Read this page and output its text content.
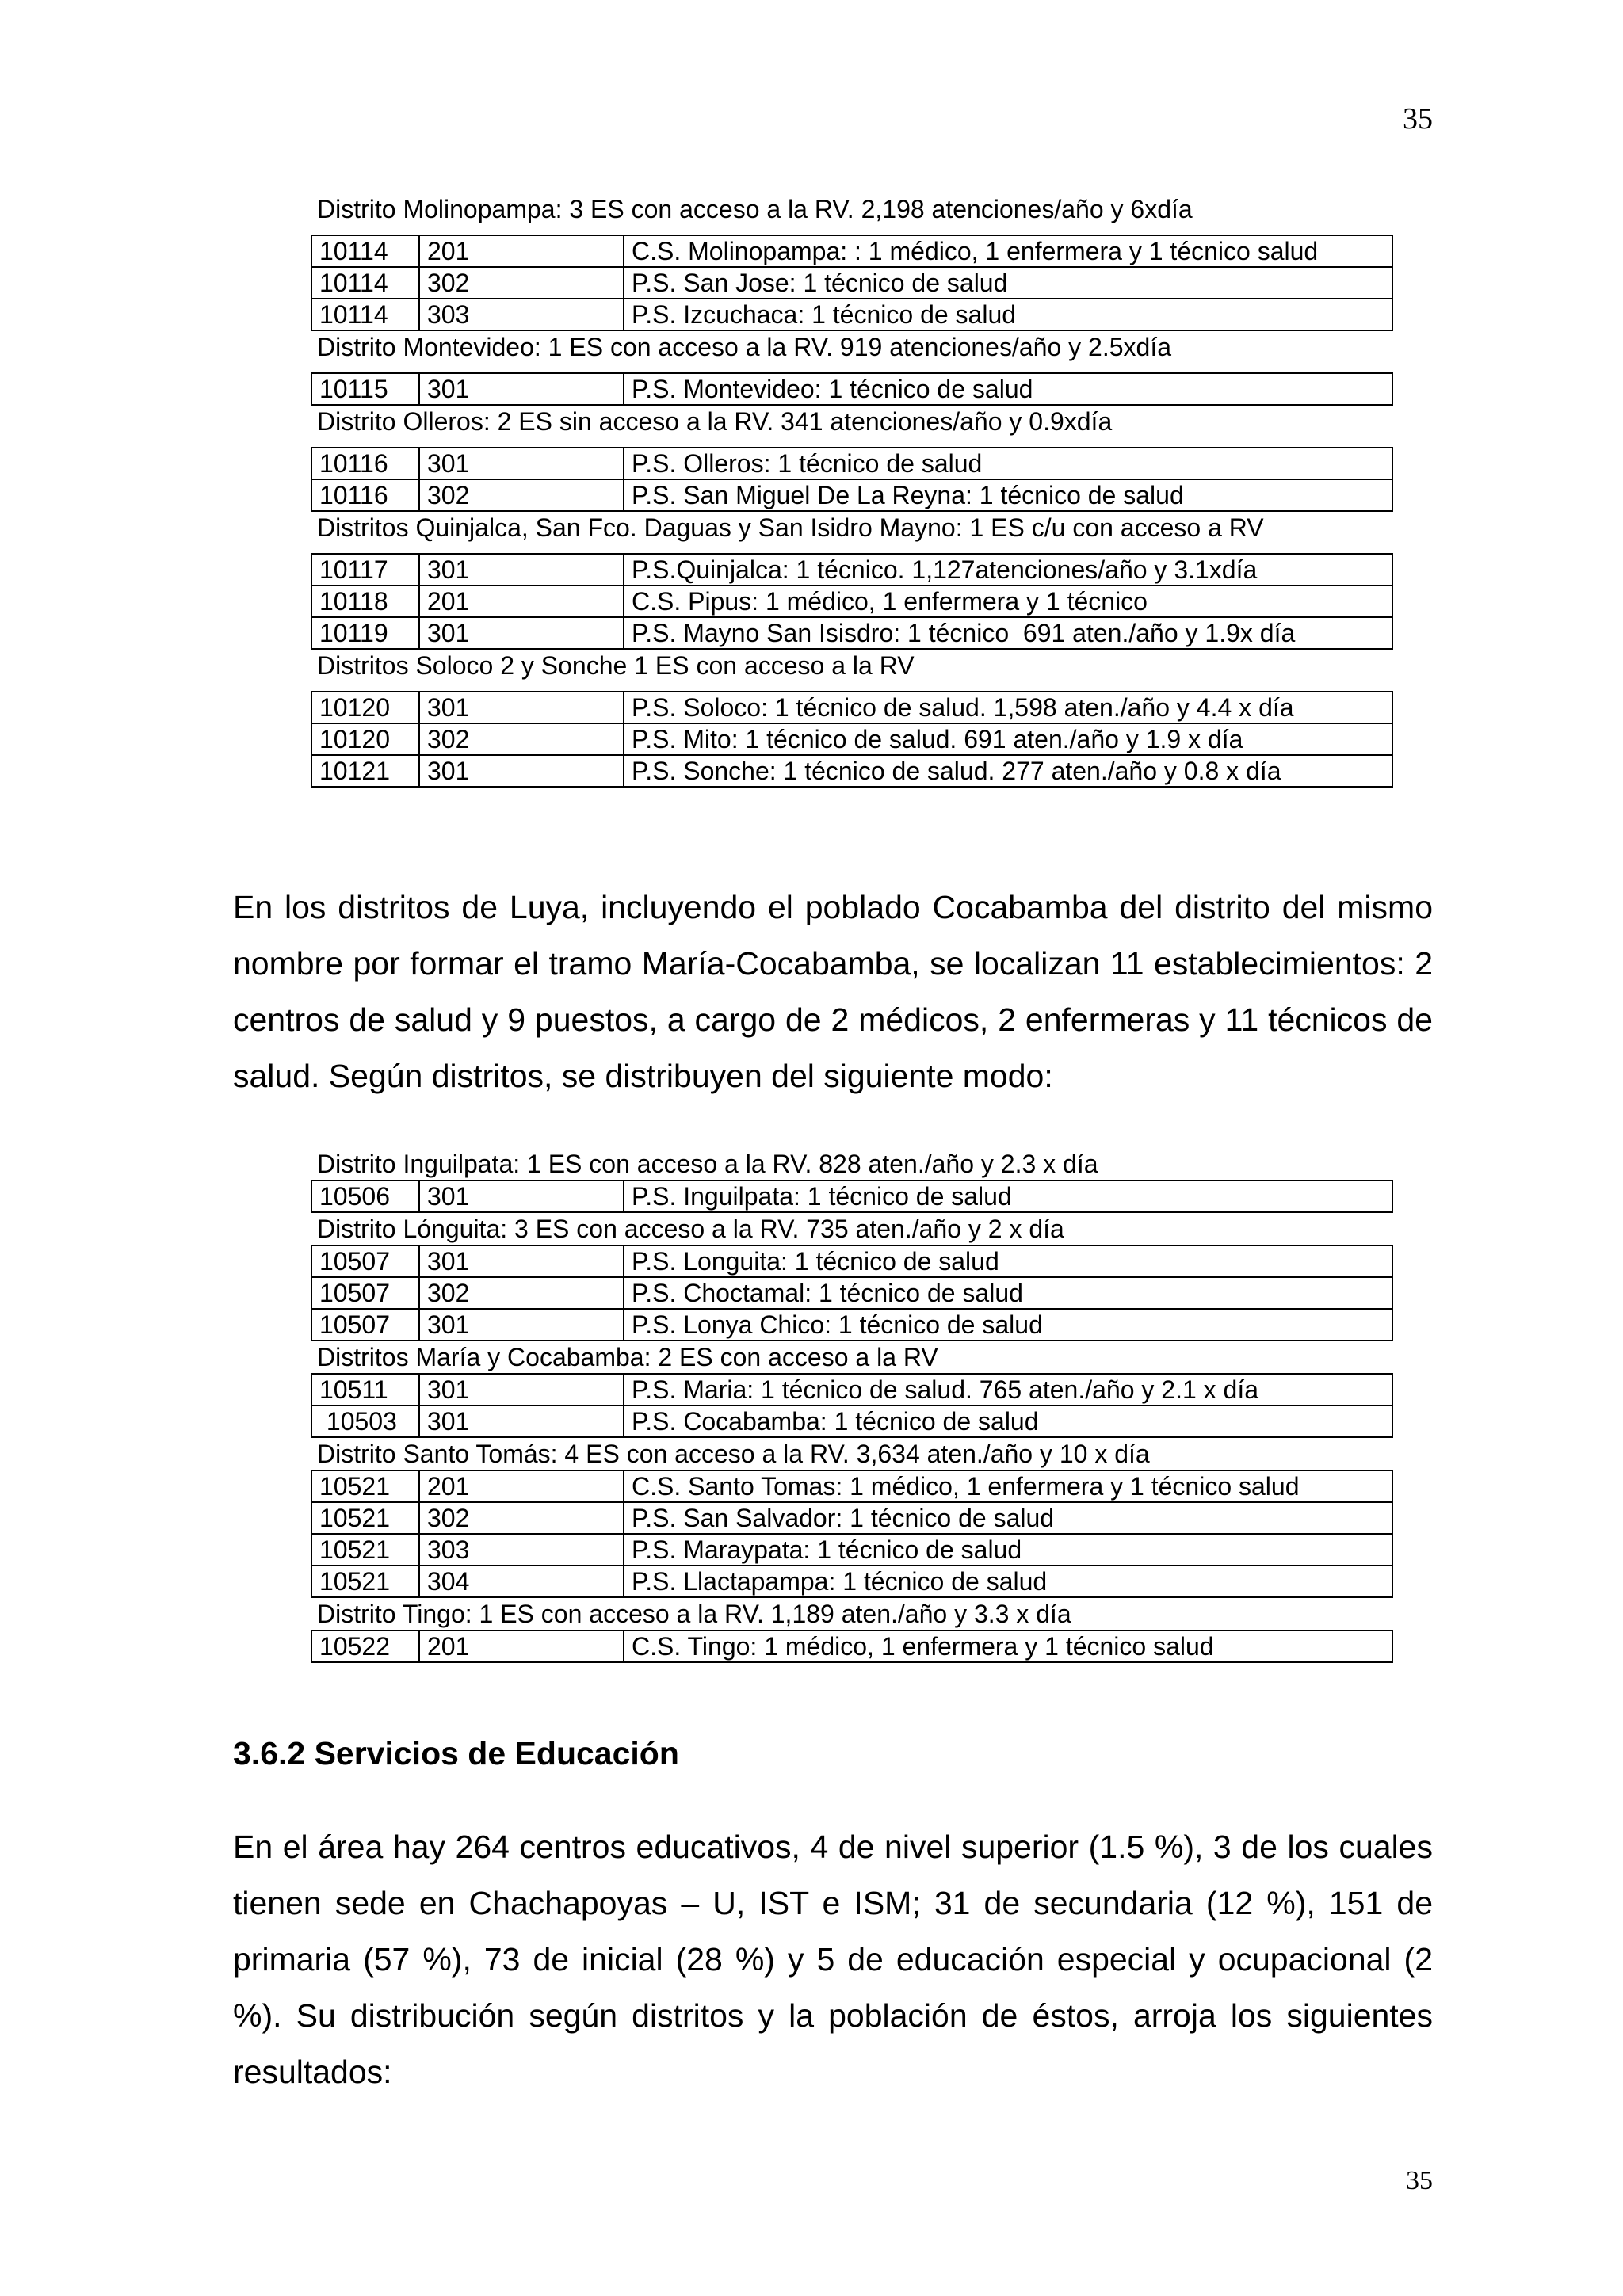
35
Distrito Molinopampa: 3 ES con acceso a la RV. 2,198 atenciones/año y 6xdía
10114	201	C.S. Molinopampa: : 1 médico, 1 enfermera y 1 técnico salud
10114	302	P.S. San Jose: 1 técnico de salud
10114	303	P.S. Izcuchaca: 1 técnico de salud
Distrito Montevideo: 1 ES con acceso a la RV. 919 atenciones/año y 2.5xdía
10115	301	P.S. Montevideo: 1 técnico de salud
Distrito Olleros: 2 ES sin acceso a la RV. 341 atenciones/año y 0.9xdía
10116	301	P.S. Olleros: 1 técnico de salud
10116	302	P.S. San Miguel De La Reyna: 1 técnico de salud
Distritos Quinjalca, San Fco. Daguas y San Isidro Mayno: 1 ES c/u con acceso a RV
10117	301	P.S.Quinjalca: 1 técnico. 1,127atenciones/año y 3.1xdía
10118	201	C.S. Pipus: 1 médico, 1 enfermera y 1 técnico
10119	301	P.S. Mayno San Isisdro: 1 técnico  691 aten./año y 1.9x día
Distritos Soloco 2 y Sonche 1 ES con acceso a la RV
10120	301	P.S. Soloco: 1 técnico de salud. 1,598 aten./año y 4.4 x día
10120	302	P.S. Mito: 1 técnico de salud. 691 aten./año y 1.9 x día
10121	301	P.S. Sonche: 1 técnico de salud. 277 aten./año y 0.8 x día

En los distritos de Luya, incluyendo el poblado Cocabamba del distrito del mismo nombre por formar el tramo María-Cocabamba, se localizan 11 establecimientos: 2 centros de salud y 9 puestos, a cargo de 2 médicos, 2 enfermeras y 11 técnicos de salud. Según distritos, se distribuyen del siguiente modo:

Distrito Inguilpata: 1 ES con acceso a la RV. 828 aten./año y 2.3 x día
10506	301	P.S. Inguilpata: 1 técnico de salud
Distrito Lónguita: 3 ES con acceso a la RV. 735 aten./año y 2 x día
10507	301	P.S. Longuita: 1 técnico de salud
10507	302	P.S. Choctamal: 1 técnico de salud
10507	301	P.S. Lonya Chico: 1 técnico de salud
Distritos María y Cocabamba: 2 ES con acceso a la RV
10511	301	P.S. Maria: 1 técnico de salud. 765 aten./año y 2.1 x día
10503	301	P.S. Cocabamba: 1 técnico de salud
Distrito Santo Tomás: 4 ES con acceso a la RV. 3,634 aten./año y 10 x día
10521	201	C.S. Santo Tomas: 1 médico, 1 enfermera y 1 técnico salud
10521	302	P.S. San Salvador: 1 técnico de salud
10521	303	P.S. Maraypata: 1 técnico de salud
10521	304	P.S. Llactapampa: 1 técnico de salud
Distrito Tingo: 1 ES con acceso a la RV. 1,189 aten./año y 3.3 x día
10522	201	C.S. Tingo: 1 médico, 1 enfermera y 1 técnico salud
3.6.2 Servicios de Educación

En el área hay 264 centros educativos, 4 de nivel superior (1.5 %), 3 de los cuales tienen sede en Chachapoyas – U, IST e ISM; 31 de secundaria (12 %), 151 de primaria (57 %), 73 de inicial (28 %) y 5 de educación especial y ocupacional (2 %). Su distribución según distritos y la población de éstos, arroja los siguientes resultados:

35
